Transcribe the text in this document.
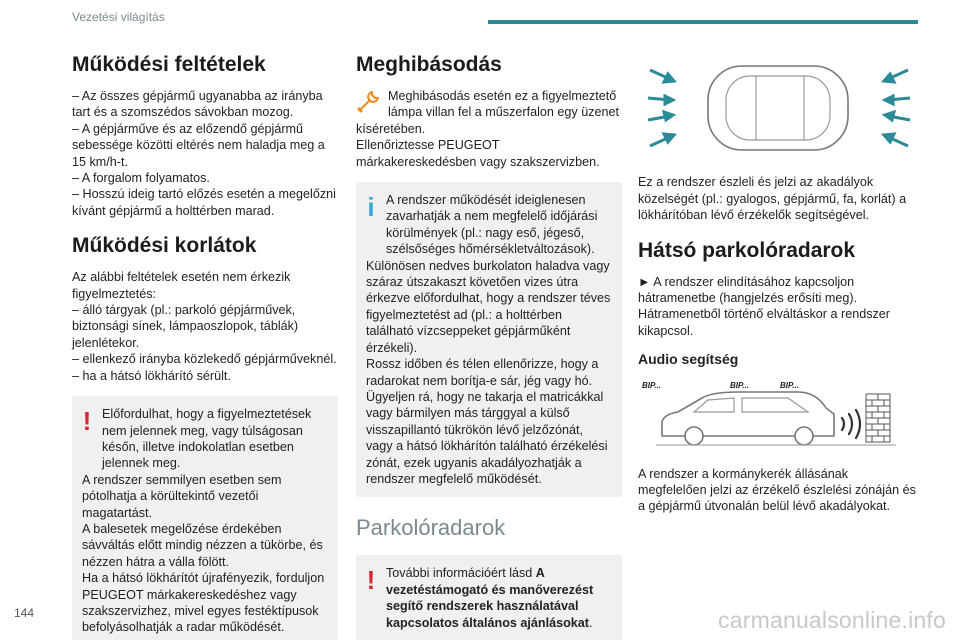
Vezetési világítás
Működési feltételek

– Az összes gépjármű ugyanabba az irányba tart és a szomszédos sávokban mozog.

– A gépjárműve és az előzendő gépjármű sebessége közötti eltérés nem haladja meg a 15 km/h-t.

– A forgalom folyamatos.

– Hosszú ideig tartó előzés esetén a megelőzni kívánt gépjármű a holttérben marad.

Működési korlátok

Az alábbi feltételek esetén nem érkezik figyelmeztetés:

– álló tárgyak (pl.: parkoló gépjárművek, biztonsági sínek, lámpaoszlopok, táblák) jelenlétekor.

– ellenkező irányba közlekedő gépjárműveknél.

– ha a hátsó lökhárító sérült.

! Előfordulhat, hogy a figyelmeztetések nem jelennek meg, vagy túlságosan későn, illetve indokolatlan esetben jelennek meg.

A rendszer semmilyen esetben sem pótolhatja a körültekintő vezetői magatartást.

A balesetek megelőzése érdekében sávváltás előtt mindig nézzen a tükörbe, és nézzen hátra a válla fölött.

Ha a hátsó lökhárítót újrafényezik, forduljon PEUGEOT márkakereskedéshez vagy szakszervizhez, mivel egyes festéktípusok befolyásolhatják a radar működését.

Meghibásodás

Meghibásodás esetén ez a figyelmeztető lámpa villan fel a műszerfalon egy üzenet kíséretében.

Ellenőriztesse PEUGEOT márkakereskedésben vagy szakszervizben.

i A rendszer működését ideiglenesen zavarhatják a nem megfelelő időjárási körülmények (pl.: nagy eső, jégeső, szélsőséges hőmérsékletváltozások).

Különösen nedves burkolaton haladva vagy száraz útszakaszt követően vizes útra érkezve előfordulhat, hogy a rendszer téves figyelmeztetést ad (pl.: a holttérben található vízcseppeket gépjárműként érzékeli).

Rossz időben és télen ellenőrizze, hogy a radarokat nem borítja-e sár, jég vagy hó. Ügyeljen rá, hogy ne takarja el matricákkal vagy bármilyen más tárggyal a külső visszapillantó tükrökön lévő jelzőzónát, vagy a hátsó lökhárítón található érzékelési zónát, ezek ugyanis akadályozhatják a rendszer megfelelő működését.

Parkolóradarok
! További információért lásd A vezetéstámogató és manőverezést segítő rendszerek használatával kapcsolatos általános ajánlásokat.

Ez a rendszer észleli és jelzi az akadályok közelségét (pl.: gyalogos, gépjármű, fa, korlát) a lökhárítóban lévő érzékelők segítségével.

Hátsó parkolóradarok

► A rendszer elindításához kapcsoljon hátramenetbe (hangjelzés erősíti meg).

Hátramenetből történő elváltáskor a rendszer kikapcsol.

Audio segítség
BIP...	BIP...	BIP...

A rendszer a kormánykerék állásának megfelelően jelzi az érzékelő észlelési zónáján és a gépjármű útvonalán belül lévő akadályokat.

144	carmanualsonline.info
